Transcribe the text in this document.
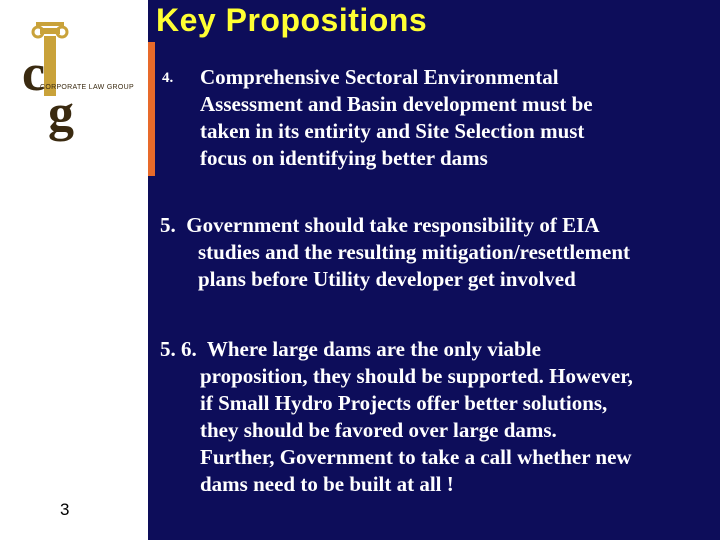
c
g
CORPORATE LAW GROUP
3
Key Propositions
4. Comprehensive Sectoral Environmental
Assessment and Basin development must be
taken in its entirity and Site Selection must
focus on identifying better dams
5. Government should take responsibility of EIA
studies and the resulting mitigation/resettlement
plans before Utility developer get involved
5. 6. Where large dams are the only viable
proposition, they should be supported. However,
if Small Hydro Projects offer better solutions,
they should be favored over large dams.
Further, Government to take a call whether new
dams need to be built at all !
